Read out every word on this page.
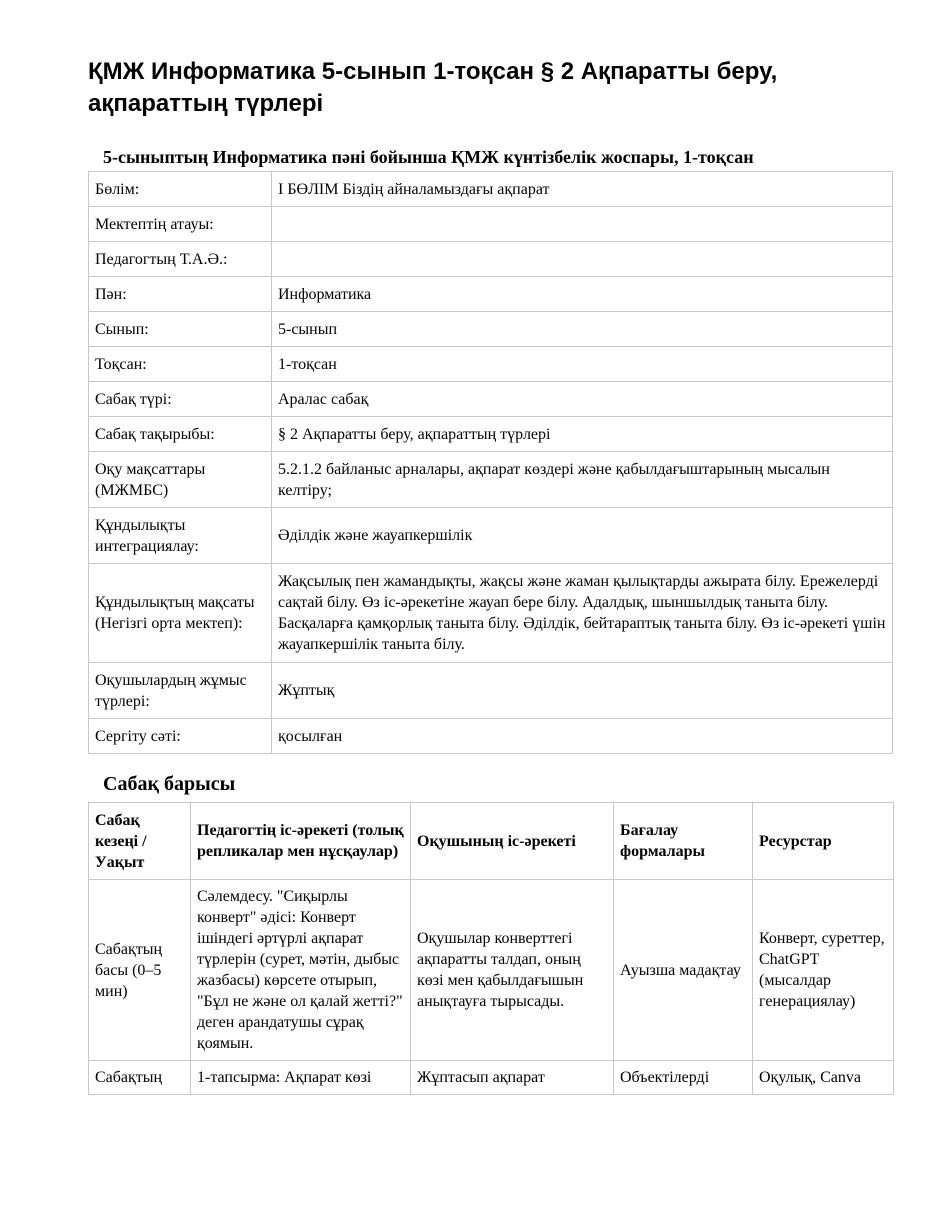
ҚМЖ Информатика 5-сынып 1-тоқсан § 2 Ақпаратты беру, ақпараттың түрлері
5-сыныптың Информатика пәні бойынша ҚМЖ күнтізбелік жоспары, 1-тоқсан
Бөлім:	I БӨЛІМ Біздің айналамыздағы ақпарат
Мектептің атауы:	
Педагогтың Т.А.Ә.:	
Пән:	Информатика
Сынып:	5-сынып
Тоқсан:	1-тоқсан
Сабақ түрі:	Аралас сабақ
Сабақ тақырыбы:	§ 2 Ақпаратты беру, ақпараттың түрлері
Оқу мақсаттары (МЖМБС)	5.2.1.2 байланыс арналары, ақпарат көздері және қабылдағыштарының мысалын келтіру;
Құндылықты интеграциялау:	Әділдік және жауапкершілік
Құндылықтың мақсаты (Негізгі орта мектеп):	Жақсылық пен жамандықты, жақсы және жаман қылықтарды ажырата білу. Ережелерді сақтай білу. Өз іс-әрекетіне жауап бере білу. Адалдық, шыншылдық таныта білу. Басқаларға қамқорлық таныта білу. Әділдік, бейтараптық таныта білу. Өз іс-әрекеті үшін жауапкершілік таныта білу.
Оқушылардың жұмыс түрлері:	Жұптық
Сергіту сәті:	қосылған
Сабақ барысы
Сабақ кезеңі / Уақыт	Педагогтің іс-әрекеті (толық репликалар мен нұсқаулар)	Оқушының іс-әрекеті	Бағалау формалары	Ресурстар
Сабақтың басы (0–5 мин)	Сәлемдесу. "Сиқырлы конверт" әдісі: Конверт ішіндегі әртүрлі ақпарат түрлерін (сурет, мәтін, дыбыс жазбасы) көрсете отырып, "Бұл не және ол қалай жетті?" деген арандатушы сұрақ қоямын.	Оқушылар конверттегі ақпаратты талдап, оның көзі мен қабылдағышын анықтауға тырысады.	Ауызша мадақтау	Конверт, суреттер, ChatGPT (мысалдар генерациялау)
Сабақтың	1-тапсырма: Ақпарат көзі	Жұптасып ақпарат	Объектілерді	Оқулық, Canva
